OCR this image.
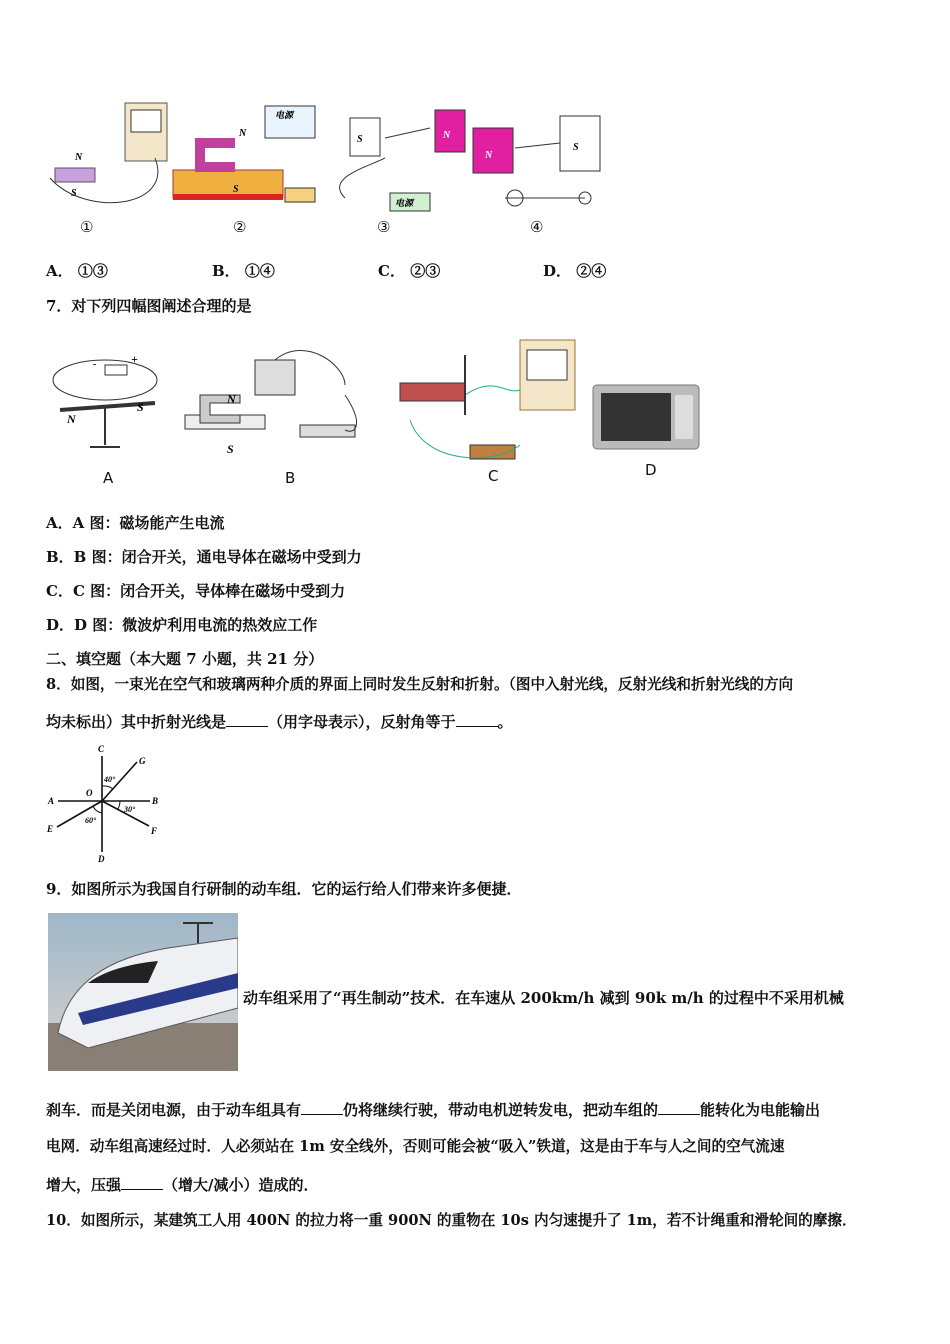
N
S
电源
N
S
S	N
电源
N
S
①	②	③	④
A． ①③	B． ①④	C． ②③	D． ②④
7．对下列四幅图阐述合理的是
-	+
N
S
N
S
A	B	C	D
A．A 图：磁场能产生电流
B．B 图：闭合开关，通电导体在磁场中受到力
C．C 图：闭合开关，导体棒在磁场中受到力
D．D 图：微波炉利用电流的热效应工作
二、填空题（本大题 7 小题，共 21 分）
8．如图，一束光在空气和玻璃两种介质的界面上同时发生反射和折射。（图中入射光线，反射光线和折射光线的方向
均未标出）其中折射光线是	（用字母表示），反射角等于	。
C
D
A	B
E	F
G
O
40°
30°
60°
9．如图所示为我国自行研制的动车组．它的运行给人们带来许多便捷．
动车组采用了“再生制动”技术．在车速从 200km/h 减到 90k m/h 的过程中不采用机械
刹车．而是关闭电源，由于动车组具有	仍将继续行驶，带动电机逆转发电，把动车组的	能转化为电能输出
电网．动车组高速经过时．人必须站在 1m 安全线外，否则可能会被“吸入”铁道，这是由于车与人之间的空气流速
增大，压强	（增大/减小）造成的．
10．如图所示，某建筑工人用 400N 的拉力将一重 900N 的重物在 10s 内匀速提升了 1m，若不计绳重和滑轮间的摩擦．
